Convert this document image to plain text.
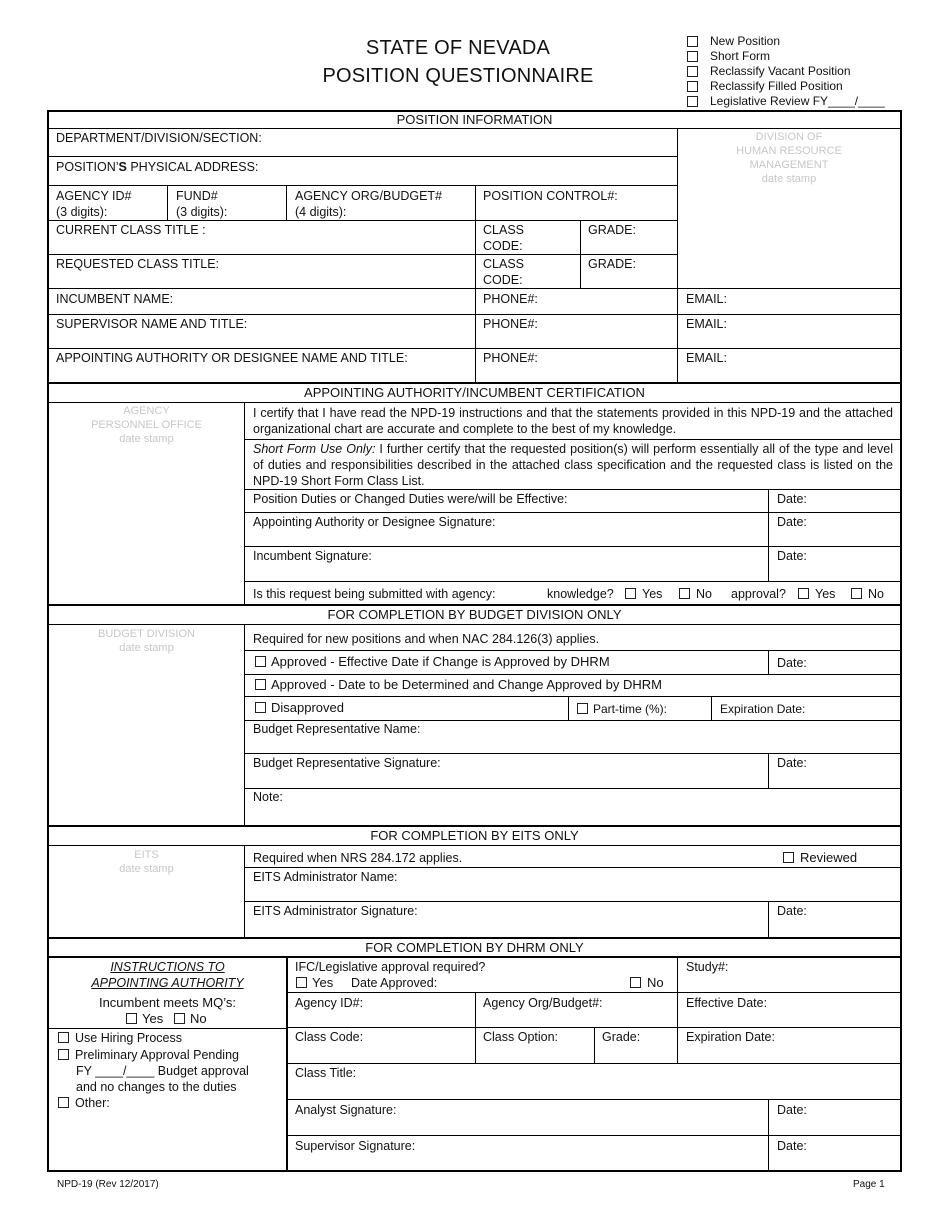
STATE OF NEVADA
POSITION QUESTIONNAIRE
New Position
Short Form
Reclassify Vacant Position
Reclassify Filled Position
Legislative Review FY____/____
POSITION INFORMATION
DIVISION OF
HUMAN RESOURCE
MANAGEMENT
date stamp
DEPARTMENT/DIVISION/SECTION:
POSITION’S PHYSICAL ADDRESS:
AGENCY ID#
(3 digits):
FUND#
(3 digits):
AGENCY ORG/BUDGET#
(4 digits):
POSITION CONTROL#:
CURRENT CLASS TITLE :	CLASS
CODE:
GRADE:
REQUESTED CLASS TITLE:	CLASS
CODE:
GRADE:
INCUMBENT NAME:	PHONE#:	EMAIL:
SUPERVISOR NAME AND TITLE:	PHONE#:	EMAIL:
APPOINTING AUTHORITY OR DESIGNEE NAME AND TITLE:	PHONE#:	EMAIL:
APPOINTING AUTHORITY/INCUMBENT CERTIFICATION
AGENCY
PERSONNEL OFFICE
date stamp
I certify that I have read the NPD-19 instructions and that the statements provided in this NPD-19 and the attached organizational chart are accurate and complete to the best of my knowledge.
Short Form Use Only: I further certify that the requested position(s) will perform essentially all of the type and level of duties and responsibilities described in the attached class specification and the requested class is listed on the NPD-19 Short Form Class List.
Position Duties or Changed Duties were/will be Effective:	Date:
Appointing Authority or Designee Signature:	Date:
Incumbent Signature:	Date:
Is this request being submitted with agency:	knowledge?	Yes	No approval?	Yes	No
FOR COMPLETION BY BUDGET DIVISION ONLY
BUDGET DIVISION
date stamp
Required for new positions and when NAC 284.126(3) applies.
Approved - Effective Date if Change is Approved by DHRM	Date:
Approved - Date to be Determined and Change Approved by DHRM
Disapproved	Part-time (%):	Expiration Date:
Budget Representative Name:
Budget Representative Signature:	Date:
Note:
FOR COMPLETION BY EITS ONLY
EITS
date stamp
Required when NRS 284.172 applies.	Reviewed
EITS Administrator Name:
EITS Administrator Signature:	Date:
FOR COMPLETION BY DHRM ONLY
INSTRUCTIONS TO
APPOINTING AUTHORITY
Incumbent meets MQ’s:
Yes	No
Use Hiring Process
Preliminary Approval Pending
FY ____/____ Budget approval
and no changes to the duties
Other:
IFC/Legislative approval required?
Yes Date Approved:	No
Study#:
Agency ID#:	Agency Org/Budget#:	Effective Date:
Class Code:	Class Option:	Grade:	Expiration Date:
Class Title:
Analyst Signature:	Date:
Supervisor Signature:	Date:
NPD-19 (Rev 12/2017)	Page 1
